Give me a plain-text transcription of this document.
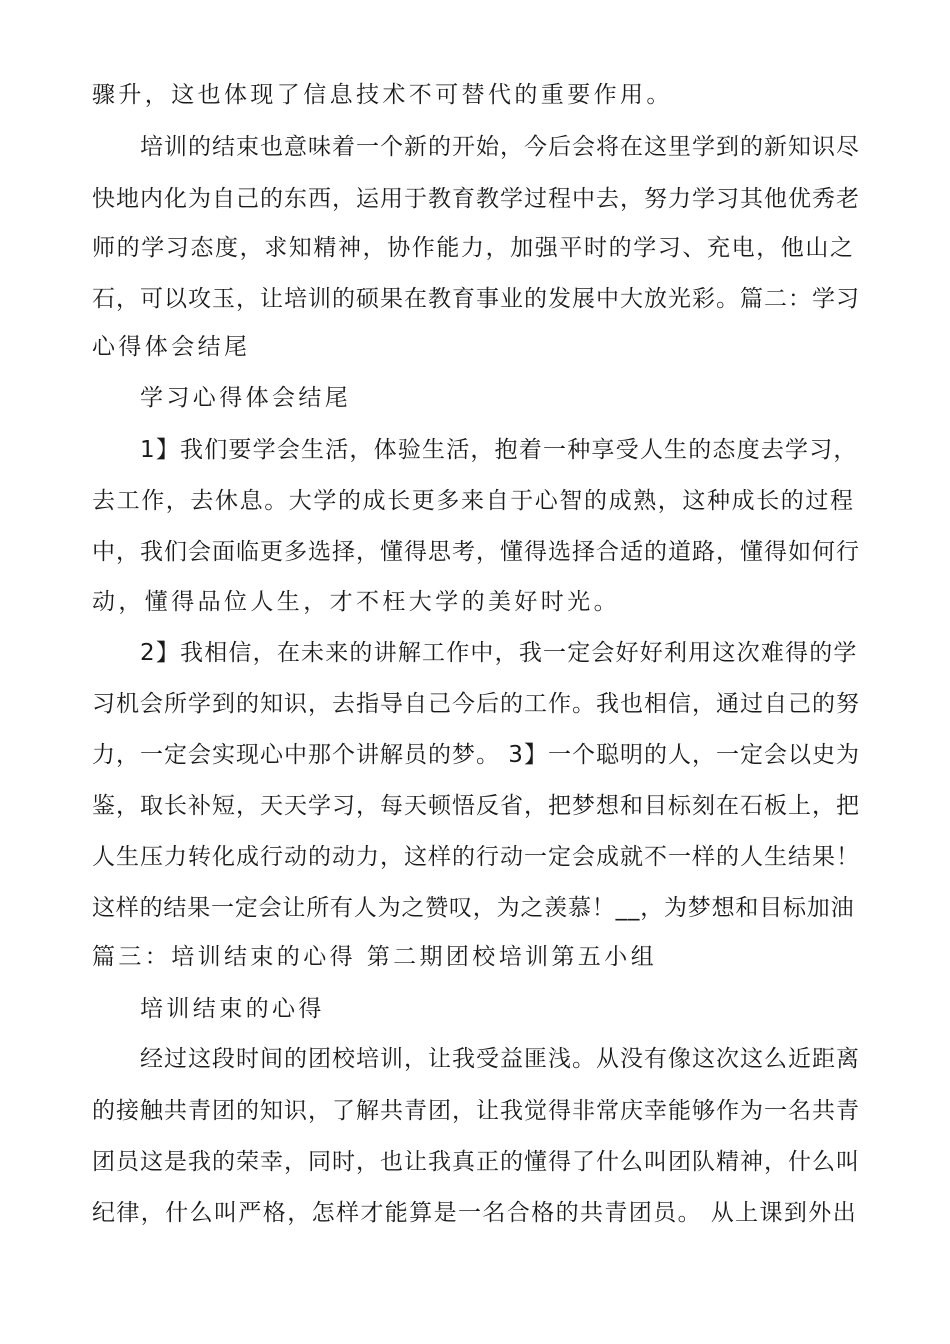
骤升，这也体现了信息技术不可替代的重要作用。
培训的结束也意味着一个新的开始，今后会将在这里学到的新知识尽
快地内化为自己的东西，运用于教育教学过程中去，努力学习其他优秀老
师的学习态度，求知精神，协作能力，加强平时的学习、充电，他山之
石，可以攻玉，让培训的硕果在教育事业的发展中大放光彩。篇二：学习
心得体会结尾
学习心得体会结尾
1】我们要学会生活，体验生活，抱着一种享受人生的态度去学习，
去工作，去休息。大学的成长更多来自于心智的成熟，这种成长的过程
中，我们会面临更多选择，懂得思考，懂得选择合适的道路，懂得如何行
动，懂得品位人生，才不枉大学的美好时光。
2】我相信，在未来的讲解工作中，我一定会好好利用这次难得的学
习机会所学到的知识，去指导自己今后的工作。我也相信，通过自己的努
力，一定会实现心中那个讲解员的梦。 3】一个聪明的人，一定会以史为
鉴，取长补短，天天学习，每天顿悟反省，把梦想和目标刻在石板上，把
人生压力转化成行动的动力，这样的行动一定会成就不一样的人生结果！
这样的结果一定会让所有人为之赞叹，为之羡慕！__，为梦想和目标加油
篇三：培训结束的心得 第二期团校培训第五小组
培训结束的心得
经过这段时间的团校培训，让我受益匪浅。从没有像这次这么近距离
的接触共青团的知识，了解共青团，让我觉得非常庆幸能够作为一名共青
团员这是我的荣幸，同时，也让我真正的懂得了什么叫团队精神，什么叫
纪律，什么叫严格，怎样才能算是一名合格的共青团员。 从上课到外出
